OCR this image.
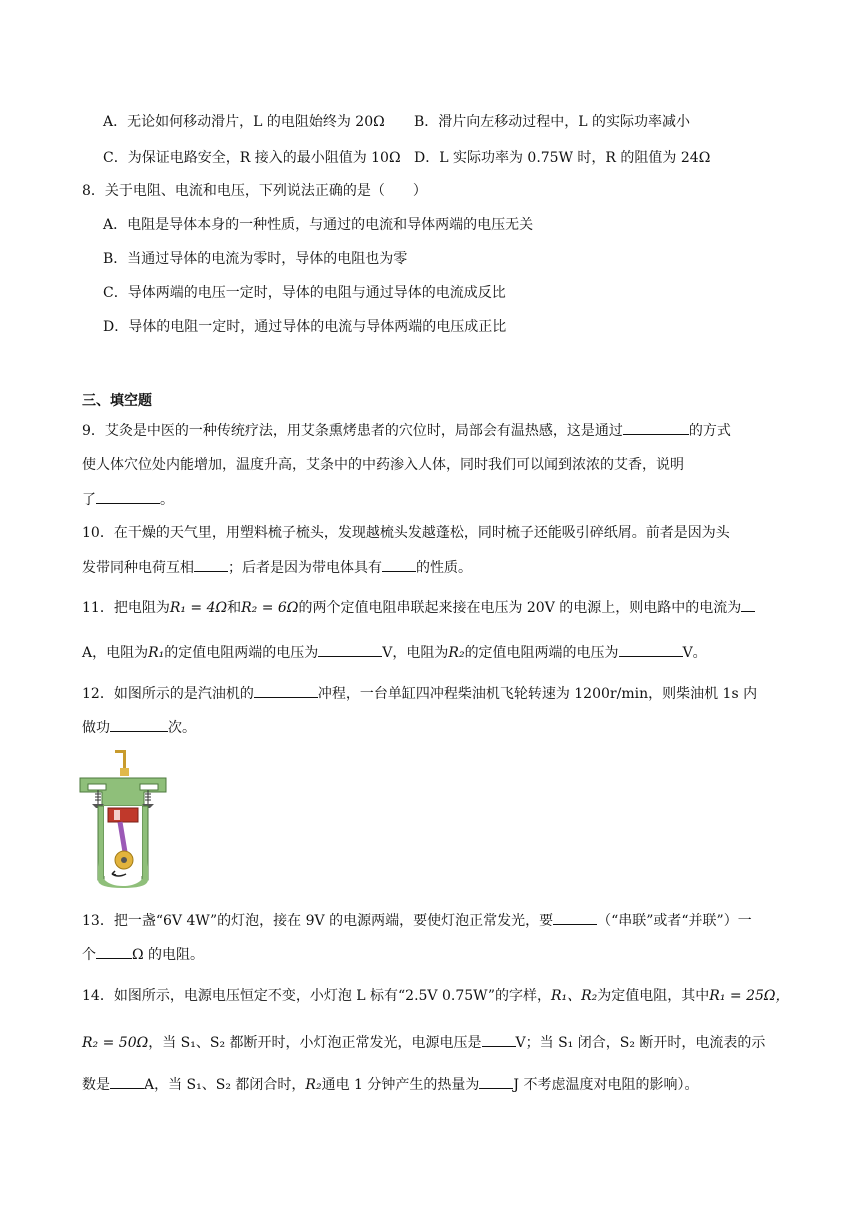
A．无论如何移动滑片，L 的电阻始终为 20Ω B．滑片向左移动过程中，L 的实际功率减小
C．为保证电路安全，R 接入的最小阻值为 10Ω D．L 实际功率为 0.75W 时，R 的阻值为 24Ω
8．关于电阻、电流和电压，下列说法正确的是（　　）
A．电阻是导体本身的一种性质，与通过的电流和导体两端的电压无关
B．当通过导体的电流为零时，导体的电阻也为零
C．导体两端的电压一定时，导体的电阻与通过导体的电流成反比
D．导体的电阻一定时，通过导体的电流与导体两端的电压成正比
三、填空题
9．艾灸是中医的一种传统疗法，用艾条熏烤患者的穴位时，局部会有温热感，这是通过	的方式
使人体穴位处内能增加，温度升高，艾条中的中药渗入人体，同时我们可以闻到浓浓的艾香，说明
了	。
10．在干燥的天气里，用塑料梳子梳头，发现越梳头发越蓬松，同时梳子还能吸引碎纸屑。前者是因为头
发带同种电荷互相 ；后者是因为带电体具有 的性质。
11．把电阻为R₁ = 4Ω和R₂ = 6Ω的两个定值电阻串联起来接在电压为 20V 的电源上，则电路中的电流为
A，电阻为R₁的定值电阻两端的电压为	V，电阻为R₂的定值电阻两端的电压为	V。
12．如图所示的是汽油机的	冲程，一台单缸四冲程柴油机飞轮转速为 1200r/min，则柴油机 1s 内
做功	次。
13．把一盏“6V 4W”的灯泡，接在 9V 的电源两端，要使灯泡正常发光，要	（“串联”或者“并联”）一
个	Ω 的电阻。
14．如图所示，电源电压恒定不变，小灯泡 L 标有“2.5V 0.75W”的字样，R₁、R₂为定值电阻，其中R₁ = 25Ω，
R₂ = 50Ω，当 S₁、S₂ 都断开时，小灯泡正常发光，电源电压是 V；当 S₁ 闭合，S₂ 断开时，电流表的示
数是 A，当 S₁、S₂ 都闭合时，R₂通电 1 分钟产生的热量为 J 不考虑温度对电阻的影响）。
